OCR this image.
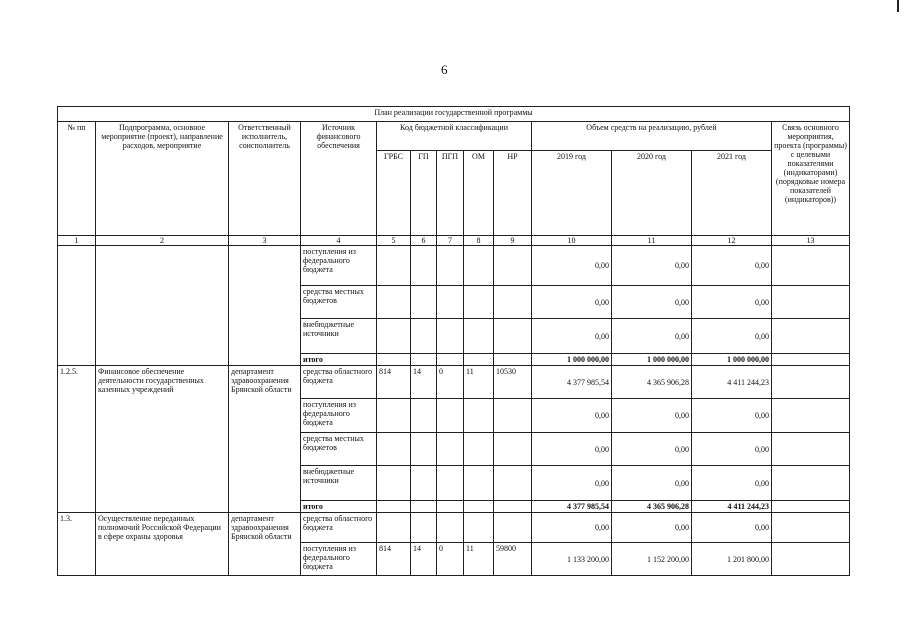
6
План реализации государственной программы												
№ пп	Подпрограмма, основное мероприятие (проект), направление расходов, мероприятие	Ответственный исполнитель, соисполнитель	Источник финансового обеспечения	Код бюджетной классификации					Объем средств на реализацию, рублей			Связь основного мероприятия, проекта (программы) с целевыми показателями (индикаторами) (порядковые номера показателей (индикаторов))
				ГРБС	ГП	ПГП	ОМ	НР	2019 год	2020 год	2021 год	
1	2	3	4	5	6	7	8	9	10	11	12	13
			поступления из федерального бюджета						0,00	0,00	0,00	
			средства местных бюджетов						0,00	0,00	0,00	
			внебюджетные источники						0,00	0,00	0,00	
			итого						1 000 000,00	1 000 000,00	1 000 000,00	
1.2.5.	Финансовое обеспечение деятельности государственных казенных учреждений	департамент здравоохранения Брянской области	средства областного бюджета	814	14	0	11	10530	4 377 985,54	4 365 906,28	4 411 244,23	
			поступления из федерального бюджета						0,00	0,00	0,00	
			средства местных бюджетов						0,00	0,00	0,00	
			внебюджетные источники						0,00	0,00	0,00	
			итого						4 377 985,54	4 365 906,28	4 411 244,23	
1.3.	Осуществление переданных полномочий Российской Федерации в сфере охраны здоровья	департамент здравоохранения Брянской области	средства областного бюджета						0,00	0,00	0,00	
			поступления из федерального бюджета	814	14	0	11	59800	1 133 200,00	1 152 200,00	1 201 800,00	
